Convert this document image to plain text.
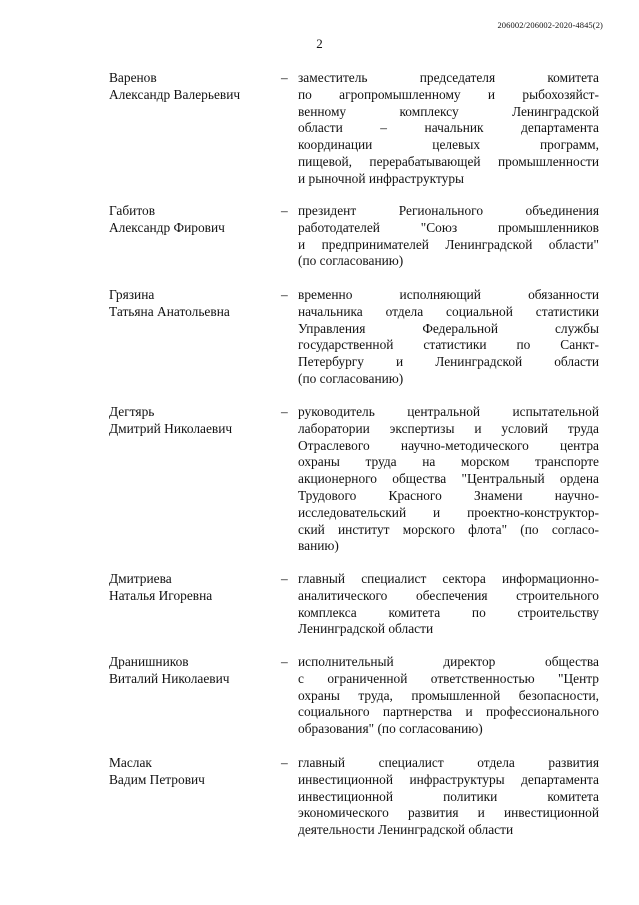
206002/206002-2020-4845(2)
2
Варенов
Александр Валерьевич
– заместитель председателя комитета
по агропромышленному и рыбохозяйст-
венному комплексу Ленинградской
области – начальник департамента
координации целевых программ,
пищевой, перерабатывающей промышленности
и рыночной инфраструктуры
Габитов
Александр Фирович
– президент Регионального объединения
работодателей "Союз промышленников
и предпринимателей Ленинградской области"
(по согласованию)
Грязина
Татьяна Анатольевна
– временно исполняющий обязанности
начальника отдела социальной статистики
Управления Федеральной службы
государственной статистики по Санкт-
Петербургу и Ленинградской области
(по согласованию)
Дегтярь
Дмитрий Николаевич
– руководитель центральной испытательной
лаборатории экспертизы и условий труда
Отраслевого научно-методического центра
охраны труда на морском транспорте
акционерного общества "Центральный ордена
Трудового Красного Знамени научно-
исследовательский и проектно-конструктор-
ский институт морского флота" (по согласо-
ванию)
Дмитриева
Наталья Игоревна
– главный специалист сектора информационно-
аналитического обеспечения строительного
комплекса комитета по строительству
Ленинградской области
Дранишников
Виталий Николаевич
– исполнительный директор общества
с ограниченной ответственностью "Центр
охраны труда, промышленной безопасности,
социального партнерства и профессионального
образования" (по согласованию)
Маслак
Вадим Петрович
– главный специалист отдела развития
инвестиционной инфраструктуры департамента
инвестиционной политики комитета
экономического развития и инвестиционной
деятельности Ленинградской области
